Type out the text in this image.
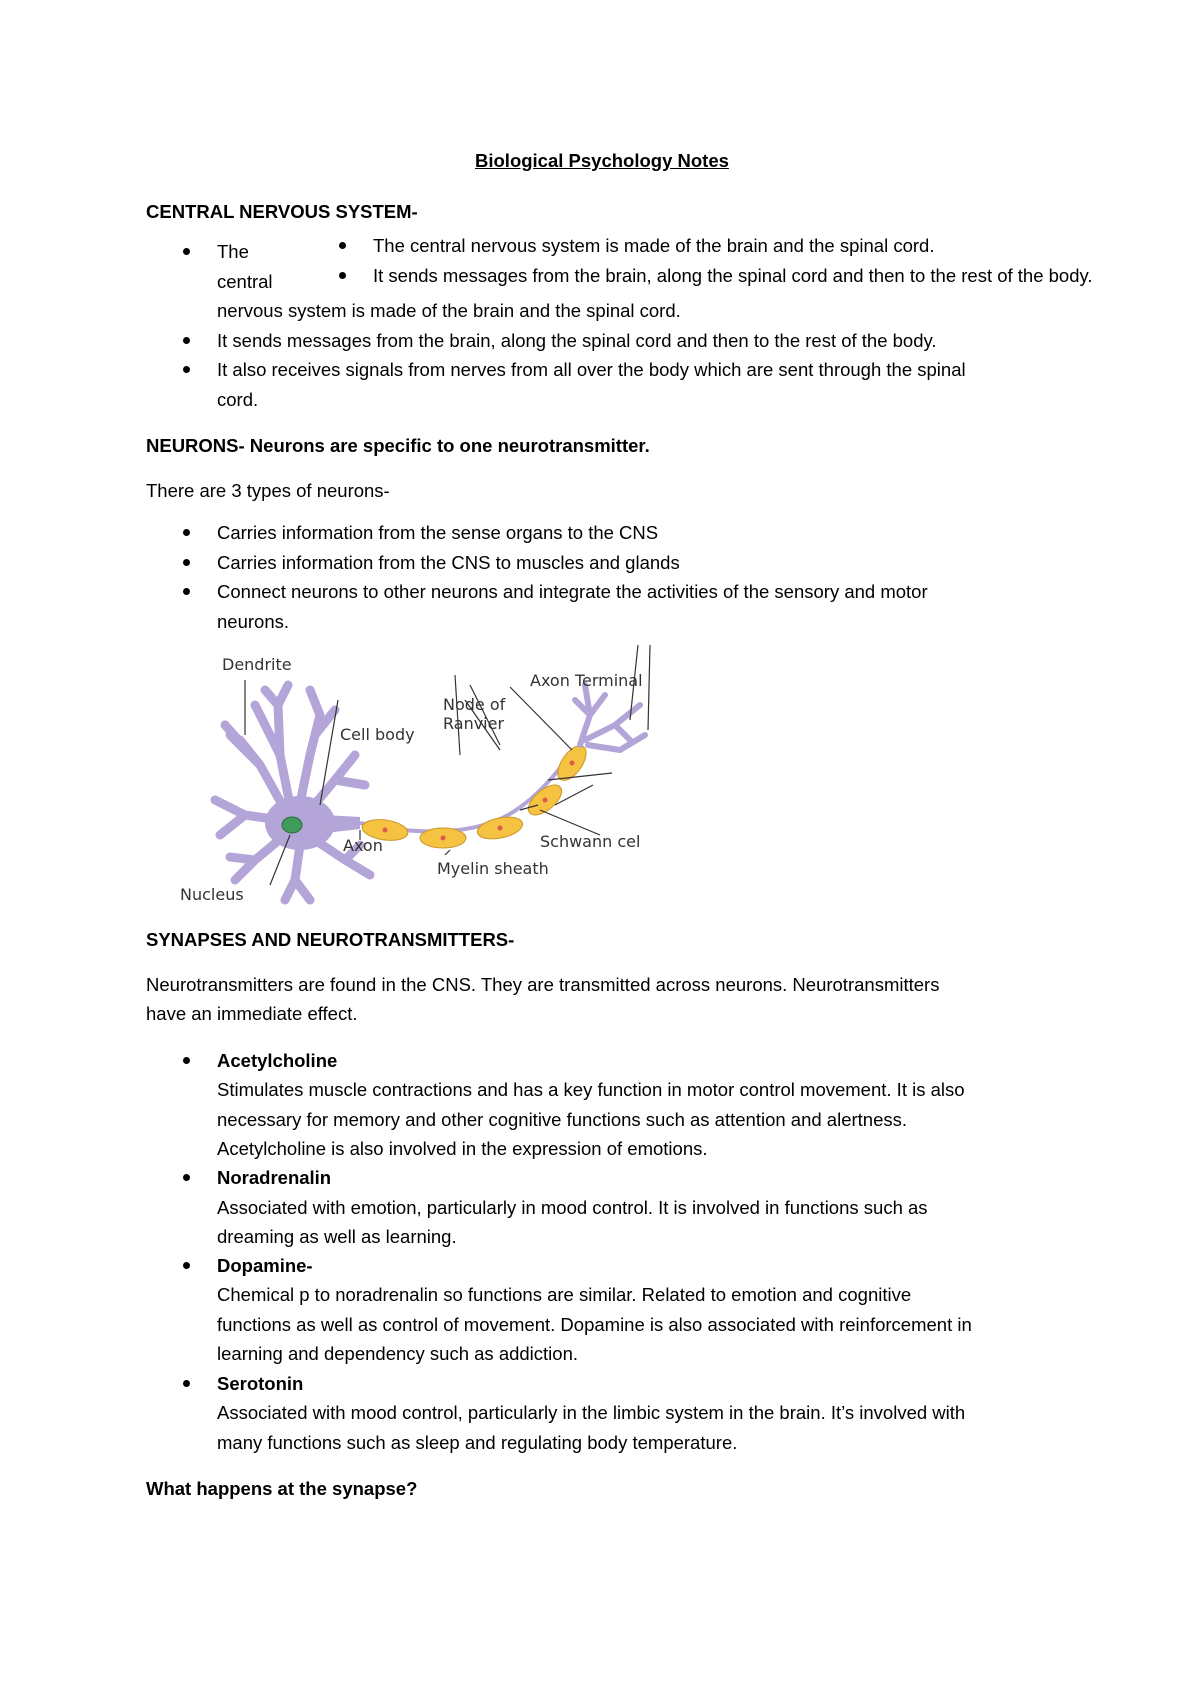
Biological Psychology Notes
CENTRAL NERVOUS SYSTEM-
The
central
The central nervous system is made of the brain and the spinal cord.
It sends messages from the brain, along the spinal cord and then to the rest of the body.
nervous system is made of the brain and the spinal cord.
It sends messages from the brain, along the spinal cord and then to the rest of the body.
It also receives signals from nerves from all over the body which are sent through the spinal
cord.
NEURONS- Neurons are specific to one neurotransmitter.
There are 3 types of neurons-
Carries information from the sense organs to the CNS
Carries information from the CNS to muscles and glands
Connect neurons to other neurons and integrate the activities of the sensory and motor
neurons.
Dendrite
Cell body
Node of
Ranvier
Axon Terminal
Schwann cel
Myelin sheath
Axon
Nucleus
SYNAPSES AND NEUROTRANSMITTERS-
Neurotransmitters are found in the CNS. They are transmitted across neurons. Neurotransmitters
have an immediate effect.
Acetylcholine
Stimulates muscle contractions and has a key function in motor control movement. It is also
necessary for memory and other cognitive functions such as attention and alertness.
Acetylcholine is also involved in the expression of emotions.
Noradrenalin
Associated with emotion, particularly in mood control. It is involved in functions such as
dreaming as well as learning.
Dopamine-
Chemical p to noradrenalin so functions are similar. Related to emotion and cognitive
functions as well as control of movement. Dopamine is also associated with reinforcement in
learning and dependency such as addiction.
Serotonin
Associated with mood control, particularly in the limbic system in the brain. It’s involved with
many functions such as sleep and regulating body temperature.
What happens at the synapse?
